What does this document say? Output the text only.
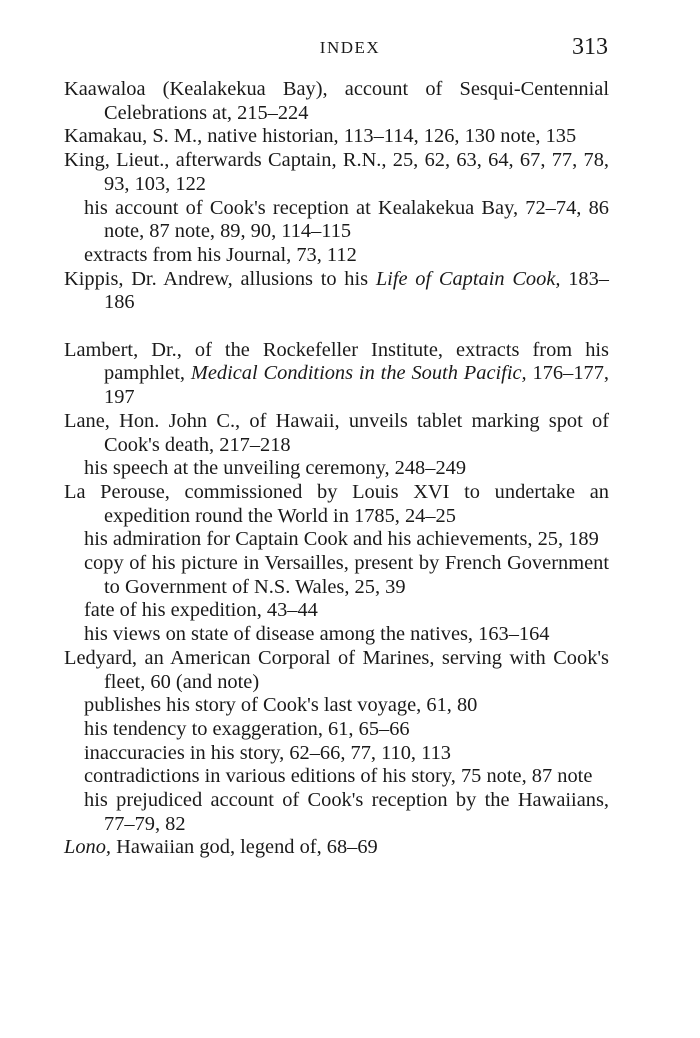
INDEX	313

Kaawaloa (Kealakekua Bay), account of Sesqui-Centennial Celebrations at, 215–224

Kamakau, S. M., native historian, 113–114, 126, 130 note, 135

King, Lieut., afterwards Captain, R.N., 25, 62, 63, 64, 67, 77, 78, 93, 103, 122

his account of Cook's reception at Kealakekua Bay, 72–74, 86 note, 87 note, 89, 90, 114–115

extracts from his Journal, 73, 112

Kippis, Dr. Andrew, allusions to his Life of Captain Cook, 183–186

Lambert, Dr., of the Rockefeller Institute, extracts from his pamphlet, Medical Conditions in the South Pacific, 176–177, 197

Lane, Hon. John C., of Hawaii, unveils tablet marking spot of Cook's death, 217–218

his speech at the unveiling ceremony, 248–249

La Perouse, commissioned by Louis XVI to undertake an expedition round the World in 1785, 24–25

his admiration for Captain Cook and his achievements, 25, 189

copy of his picture in Versailles, present by French Government to Government of N.S. Wales, 25, 39

fate of his expedition, 43–44

his views on state of disease among the natives, 163–164

Ledyard, an American Corporal of Marines, serving with Cook's fleet, 60 (and note)

publishes his story of Cook's last voyage, 61, 80

his tendency to exaggeration, 61, 65–66

inaccuracies in his story, 62–66, 77, 110, 113

contradictions in various editions of his story, 75 note, 87 note

his prejudiced account of Cook's reception by the Hawaiians, 77–79, 82

Lono, Hawaiian god, legend of, 68–69
